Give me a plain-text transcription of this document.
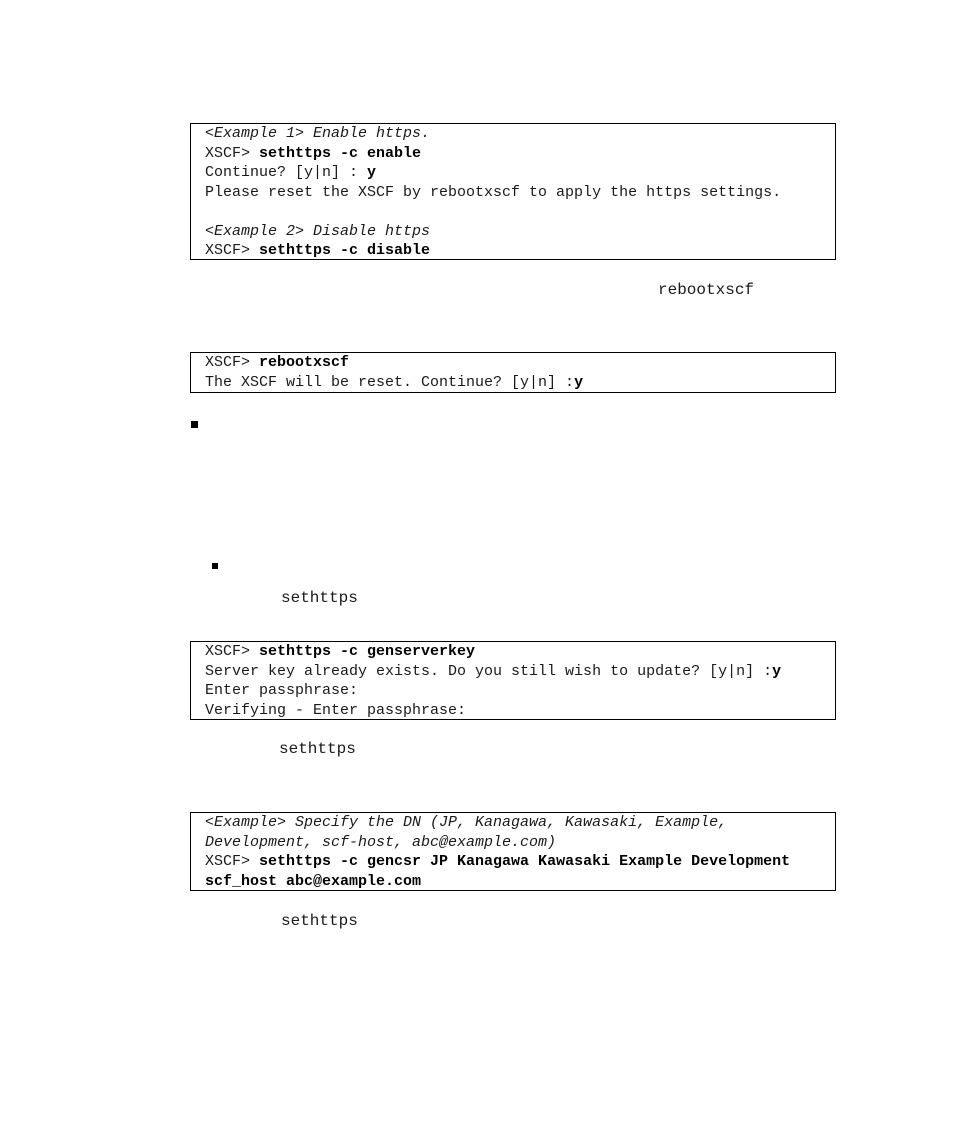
<Example 1> Enable https.
XSCF> sethttps -c enable
Continue? [y|n] : y
Please reset the XSCF by rebootxscf to apply the https settings.
<Example 2> Disable https
XSCF> sethttps -c disable
rebootxscf
XSCF> rebootxscf
The XSCF will be reset. Continue? [y|n] :y
sethttps
XSCF> sethttps -c genserverkey
Server key already exists. Do you still wish to update? [y|n] :y
Enter passphrase:
Verifying - Enter passphrase:
sethttps
<Example> Specify the DN (JP, Kanagawa, Kawasaki, Example,
Development, scf-host, abc@example.com)
XSCF> sethttps -c gencsr JP Kanagawa Kawasaki Example Development
scf_host abc@example.com
sethttps
